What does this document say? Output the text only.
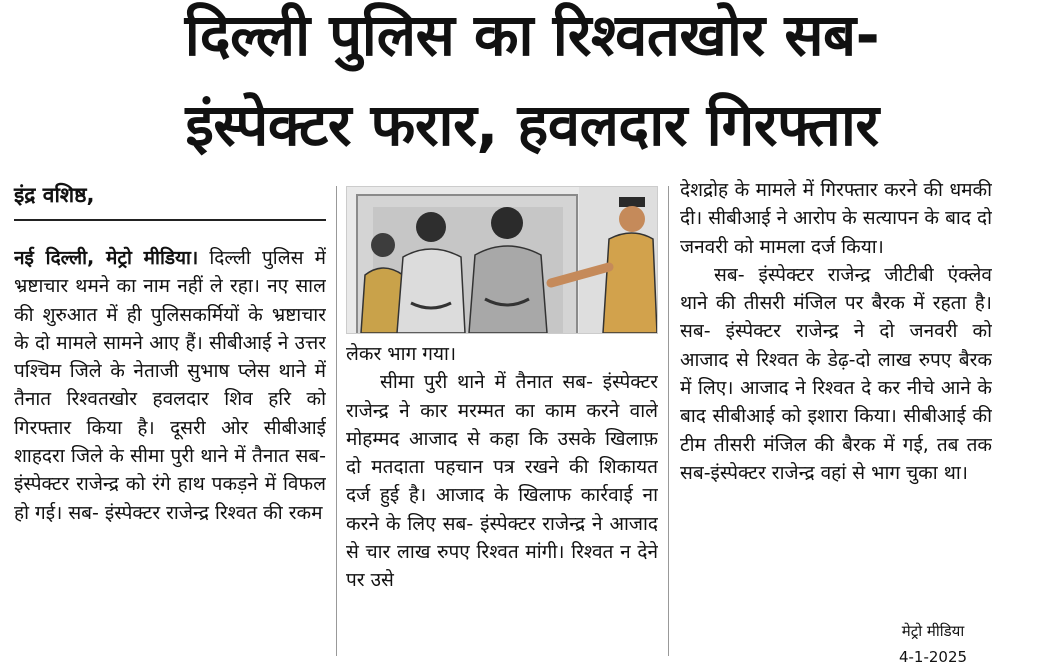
दिल्ली पुलिस का रिश्वतखोर सब-
इंस्पेक्टर फरार, हवलदार गिरफ्तार
इंद्र वशिष्ठ,

नई दिल्ली, मेट्रो मीडिया। दिल्ली पुलिस में भ्रष्टाचार थमने का नाम नहीं ले रहा। नए साल की शुरुआत में ही पुलिसकर्मियों के भ्रष्टाचार के दो मामले सामने आए हैं। सीबीआई ने उत्तर पश्चिम जिले के नेताजी सुभाष प्लेस थाने में तैनात रिश्वतखोर हवलदार शिव हरि को गिरफ्तार किया है। दूसरी ओर सीबीआई शाहदरा जिले के सीमा पुरी थाने में तैनात सब- इंस्पेक्टर राजेन्द्र को रंगे हाथ पकड़ने में विफल हो गई। सब- इंस्पेक्टर राजेन्द्र रिश्वत की रकम

लेकर भाग गया।

सीमा पुरी थाने में तैनात सब- इंस्पेक्टर राजेन्द्र ने कार मरम्मत का काम करने वाले मोहम्मद आजाद से कहा कि उसके खिलाफ़ दो मतदाता पहचान पत्र रखने की शिकायत दर्ज हुई है। आजाद के खिलाफ कार्रवाई ना करने के लिए सब- इंस्पेक्टर राजेन्द्र ने आजाद से चार लाख रुपए रिश्वत मांगी। रिश्वत न देने पर उसे

देशद्रोह के मामले में गिरफ्तार करने की धमकी दी। सीबीआई ने आरोप के सत्यापन के बाद दो जनवरी को मामला दर्ज किया।

सब- इंस्पेक्टर राजेन्द्र जीटीबी एंक्लेव थाने की तीसरी मंजिल पर बैरक में रहता है। सब- इंस्पेक्टर राजेन्द्र ने दो जनवरी को आजाद से रिश्वत के डेढ़-दो लाख रुपए बैरक में लिए। आजाद ने रिश्वत दे कर नीचे आने के बाद सीबीआई को इशारा किया। सीबीआई की टीम तीसरी मंजिल की बैरक में गई, तब तक सब-इंस्पेक्टर राजेन्द्र वहां से भाग चुका था।

मेट्रो मीडिया
4-1-2025
